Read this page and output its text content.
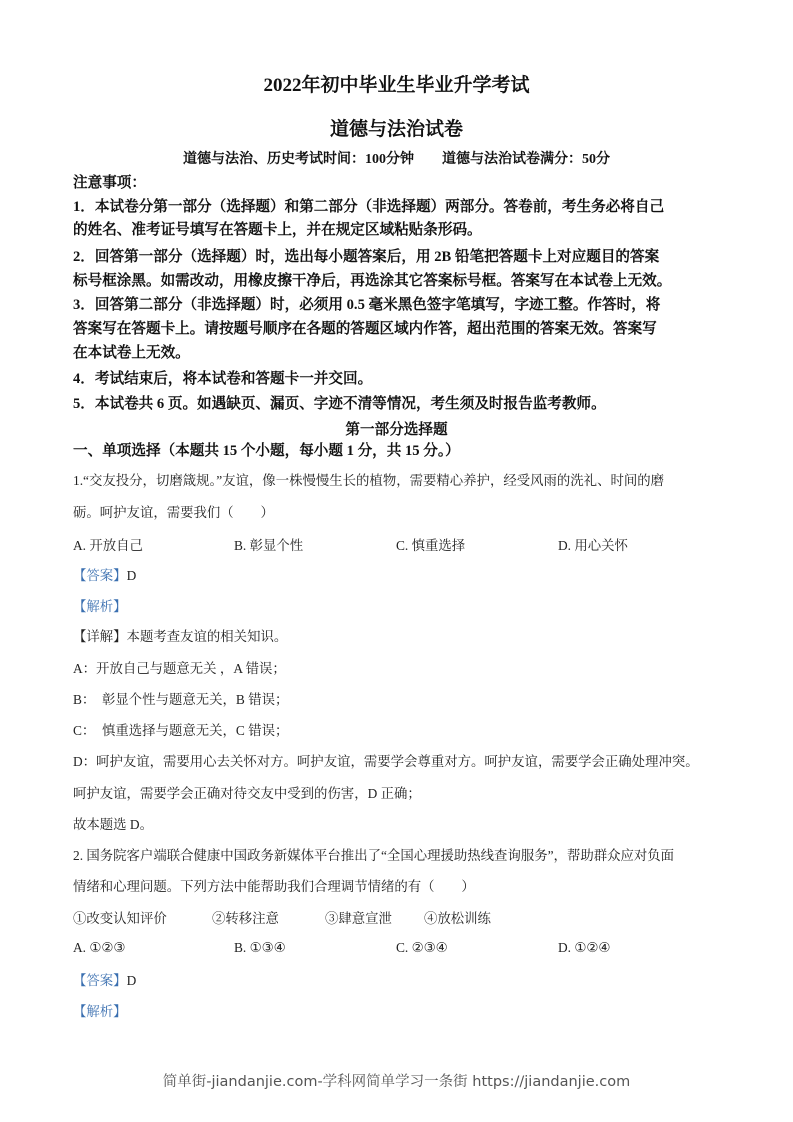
2022年初中毕业生毕业升学考试
道德与法治试卷
道德与法治、历史考试时间：100分钟 道德与法治试卷满分：50分
注意事项：
1．本试卷分第一部分（选择题）和第二部分（非选择题）两部分。答卷前，考生务必将自己
的姓名、准考证号填写在答题卡上，并在规定区域粘贴条形码。
2．回答第一部分（选择题）时，选出每小题答案后，用 2B 铅笔把答题卡上对应题目的答案
标号框涂黑。如需改动，用橡皮擦干净后，再选涂其它答案标号框。答案写在本试卷上无效。
3．回答第二部分（非选择题）时，必须用 0.5 毫米黑色签字笔填写，字迹工整。作答时，将
答案写在答题卡上。请按题号顺序在各题的答题区域内作答，超出范围的答案无效。答案写
在本试卷上无效。
4．考试结束后，将本试卷和答题卡一并交回。
5．本试卷共 6 页。如遇缺页、漏页、字迹不清等情况，考生须及时报告监考教师。
第一部分选择题
一、单项选择（本题共 15 个小题，每小题 1 分，共 15 分。）
1.“交友投分，切磨箴规。”友谊，像一株慢慢生长的植物，需要精心养护，经受风雨的洗礼、时间的磨
砺。呵护友谊，需要我们（　　）
A. 开放自己	B. 彰显个性	C. 慎重选择	D. 用心关怀
【答案】D
【解析】
【详解】本题考查友谊的相关知识。
A：开放自己与题意无关 ，A 错误；
B：　彰显个性与题意无关，B 错误；
C：　慎重选择与题意无关，C 错误；
D：呵护友谊，需要用心去关怀对方。呵护友谊，需要学会尊重对方。呵护友谊，需要学会正确处理冲突。
呵护友谊，需要学会正确对待交友中受到的伤害，D 正确；
故本题选 D。
2. 国务院客户端联合健康中国政务新媒体平台推出了“全国心理援助热线查询服务”，帮助群众应对负面
情绪和心理问题。下列方法中能帮助我们合理调节情绪的有（　　）
①改变认知评价	②转移注意	③肆意宣泄 ④放松训练
A. ①②③	B. ①③④	C. ②③④	D. ①②④
【答案】D
【解析】
简单街-jiandanjie.com-学科网简单学习一条街 https://jiandanjie.com
